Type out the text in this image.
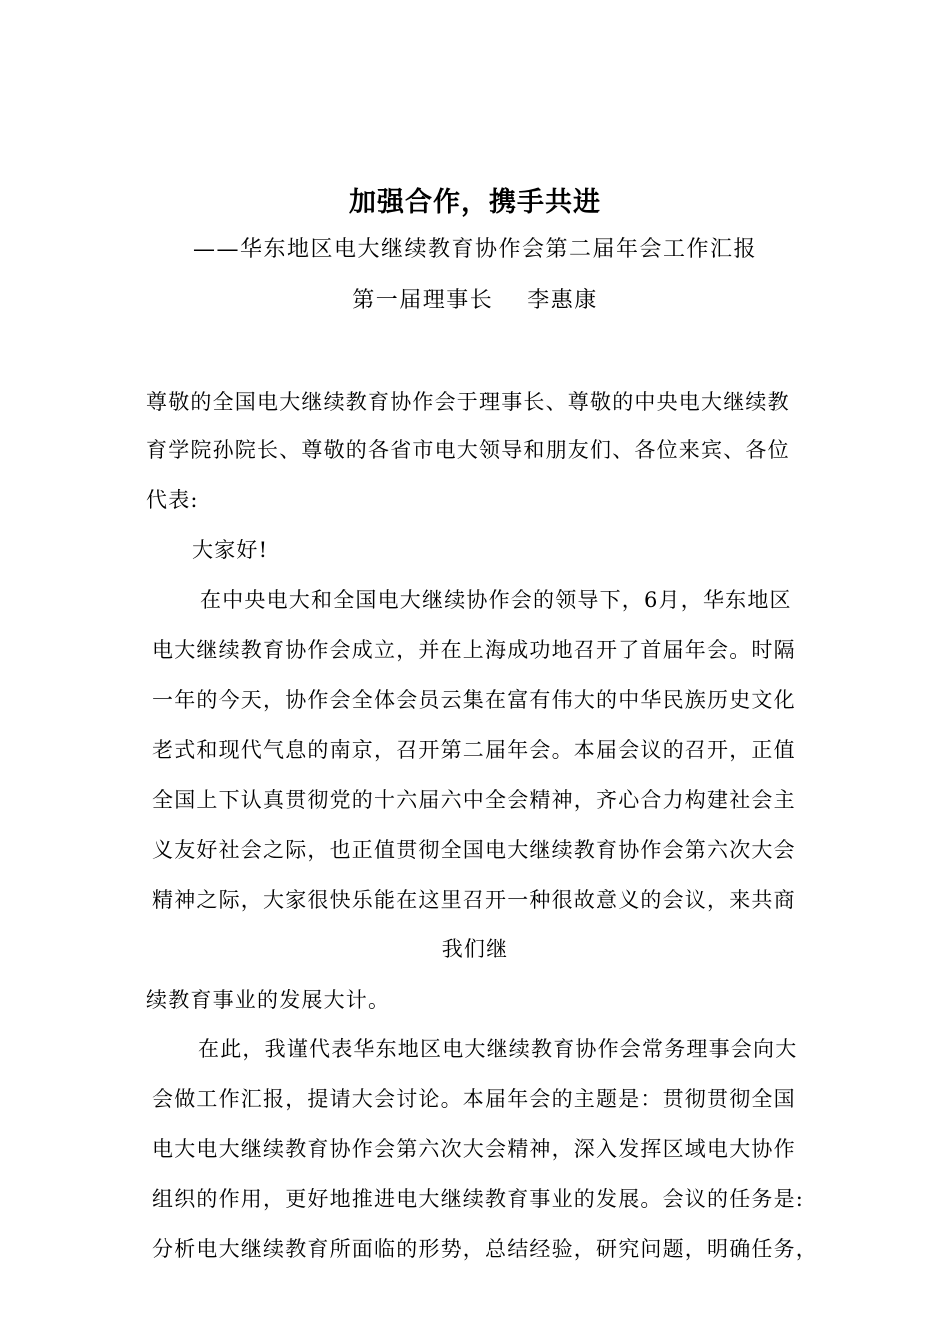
加强合作，携手共进
——华东地区电大继续教育协作会第二届年会工作汇报
第一届理事长    李惠康
尊敬的全国电大继续教育协作会于理事长、尊敬的中央电大继续教
育学院孙院长、尊敬的各省市电大领导和朋友们、各位来宾、各位
代表:
大家好!
在中央电大和全国电大继续协作会的领导下，6月，华东地区
电大继续教育协作会成立，并在上海成功地召开了首届年会。时隔
一年的今天，协作会全体会员云集在富有伟大的中华民族历史文化
老式和现代气息的南京，召开第二届年会。本届会议的召开，正值
全国上下认真贯彻党的十六届六中全会精神，齐心合力构建社会主
义友好社会之际，也正值贯彻全国电大继续教育协作会第六次大会
精神之际，大家很快乐能在这里召开一种很故意义的会议，来共商
我们继
续教育事业的发展大计。
在此，我谨代表华东地区电大继续教育协作会常务理事会向大
会做工作汇报，提请大会讨论。本届年会的主题是：贯彻贯彻全国
电大电大继续教育协作会第六次大会精神，深入发挥区域电大协作
组织的作用，更好地推进电大继续教育事业的发展。会议的任务是:
分析电大继续教育所面临的形势，总结经验，研究问题，明确任务，
